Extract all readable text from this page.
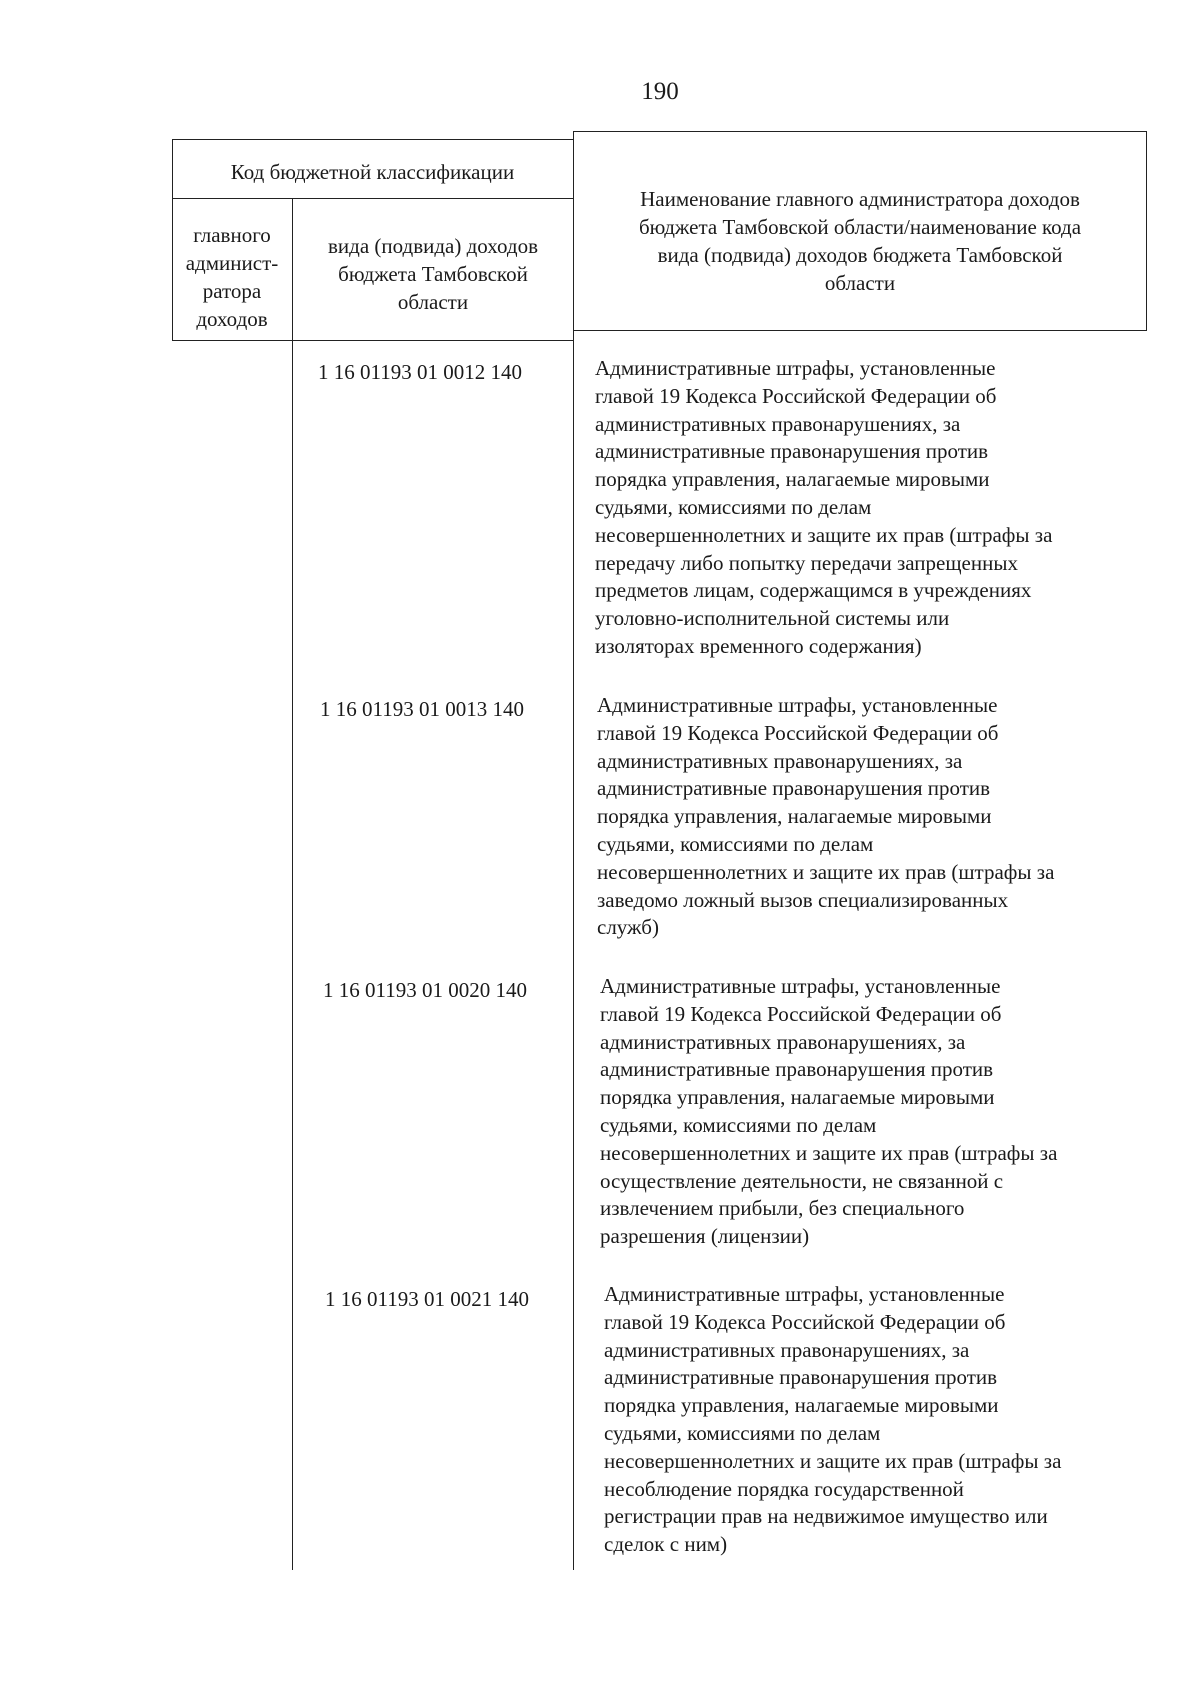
190
Код бюджетной классификации
главного
админист-
ратора
доходов
вида (подвида) доходов
бюджета Тамбовской
области
Наименование главного администратора доходов
бюджета Тамбовской области/наименование кода
вида (подвида) доходов бюджета Тамбовской
области
1 16 01193 01 0012 140	Административные штрафы, установленные
главой 19 Кодекса Российской Федерации об
административных правонарушениях, за
административные правонарушения против
порядка управления, налагаемые мировыми
судьями, комиссиями по делам
несовершеннолетних и защите их прав (штрафы за
передачу либо попытку передачи запрещенных
предметов лицам, содержащимся в учреждениях
уголовно-исполнительной системы или
изоляторах временного содержания)
1 16 01193 01 0013 140	Административные штрафы, установленные
главой 19 Кодекса Российской Федерации об
административных правонарушениях, за
административные правонарушения против
порядка управления, налагаемые мировыми
судьями, комиссиями по делам
несовершеннолетних и защите их прав (штрафы за
заведомо ложный вызов специализированных
служб)
1 16 01193 01 0020 140	Административные штрафы, установленные
главой 19 Кодекса Российской Федерации об
административных правонарушениях, за
административные правонарушения против
порядка управления, налагаемые мировыми
судьями, комиссиями по делам
несовершеннолетних и защите их прав (штрафы за
осуществление деятельности, не связанной с
извлечением прибыли, без специального
разрешения (лицензии)
1 16 01193 01 0021 140	Административные штрафы, установленные
главой 19 Кодекса Российской Федерации об
административных правонарушениях, за
административные правонарушения против
порядка управления, налагаемые мировыми
судьями, комиссиями по делам
несовершеннолетних и защите их прав (штрафы за
несоблюдение порядка государственной
регистрации прав на недвижимое имущество или
сделок с ним)
